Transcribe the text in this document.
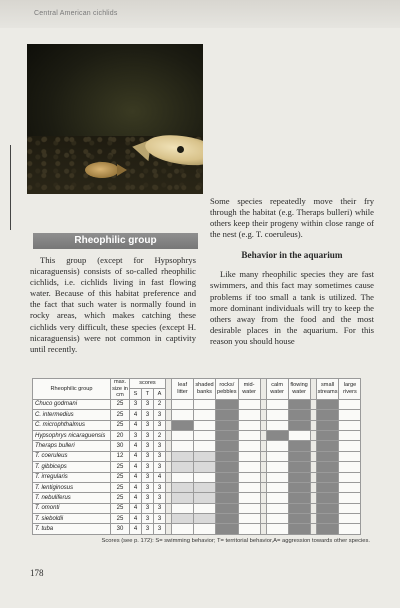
Central American cichlids
Rheophilic group

This group (except for Hypsophrys nicaraguensis) consists of so-called rheophilic cichlids, i.e. cichlids living in fast flowing water. Because of this habitat preference and the fact that such water is normally found in rocky areas, which makes catching these cichlids very difficult, these species (except H. nicaraguensis) were not common in captivity until recently.

Some species repeatedly move their fry through the habitat (e.g. Theraps bulleri) while others keep their progeny within close range of the nest (e.g. T. coeruleus).

Behavior in the aquarium

Like many rheophilic species they are fast swimmers, and this fact may sometimes cause problems if too small a tank is utilized. The more dominant individuals will try to keep the others away from the food and the most desirable places in the aquarium. For this reason you should house

Rheophilic group	max. size in cm	scores				leaf litter	shaded banks	rocks/ pebbles	mid- water		calm water	flowing water		small streams	large rivers
		S	T	A											
Chuco godmani	25	3	3	2											
C. intermedius	25	4	3	3											
C. microphthalmus	25	4	3	3											
Hypsophrys nicaraguensis	20	3	3	2											
Theraps bulleri	30	4	3	3											
T. coeruleus	12	4	3	3											
T. gibbiceps	25	4	3	3											
T. irregularis	25	4	3	4											
T. lentiginosus	25	4	3	3											
T. nebuliferus	25	4	3	3											
T. omonti	25	4	3	3											
T. sieboldii	25	4	3	3											
T. tuba	30	4	3	3											
Scores (see p. 172): S= swimming behavior; T= territorial behavior,A= aggression towards other species.
178
